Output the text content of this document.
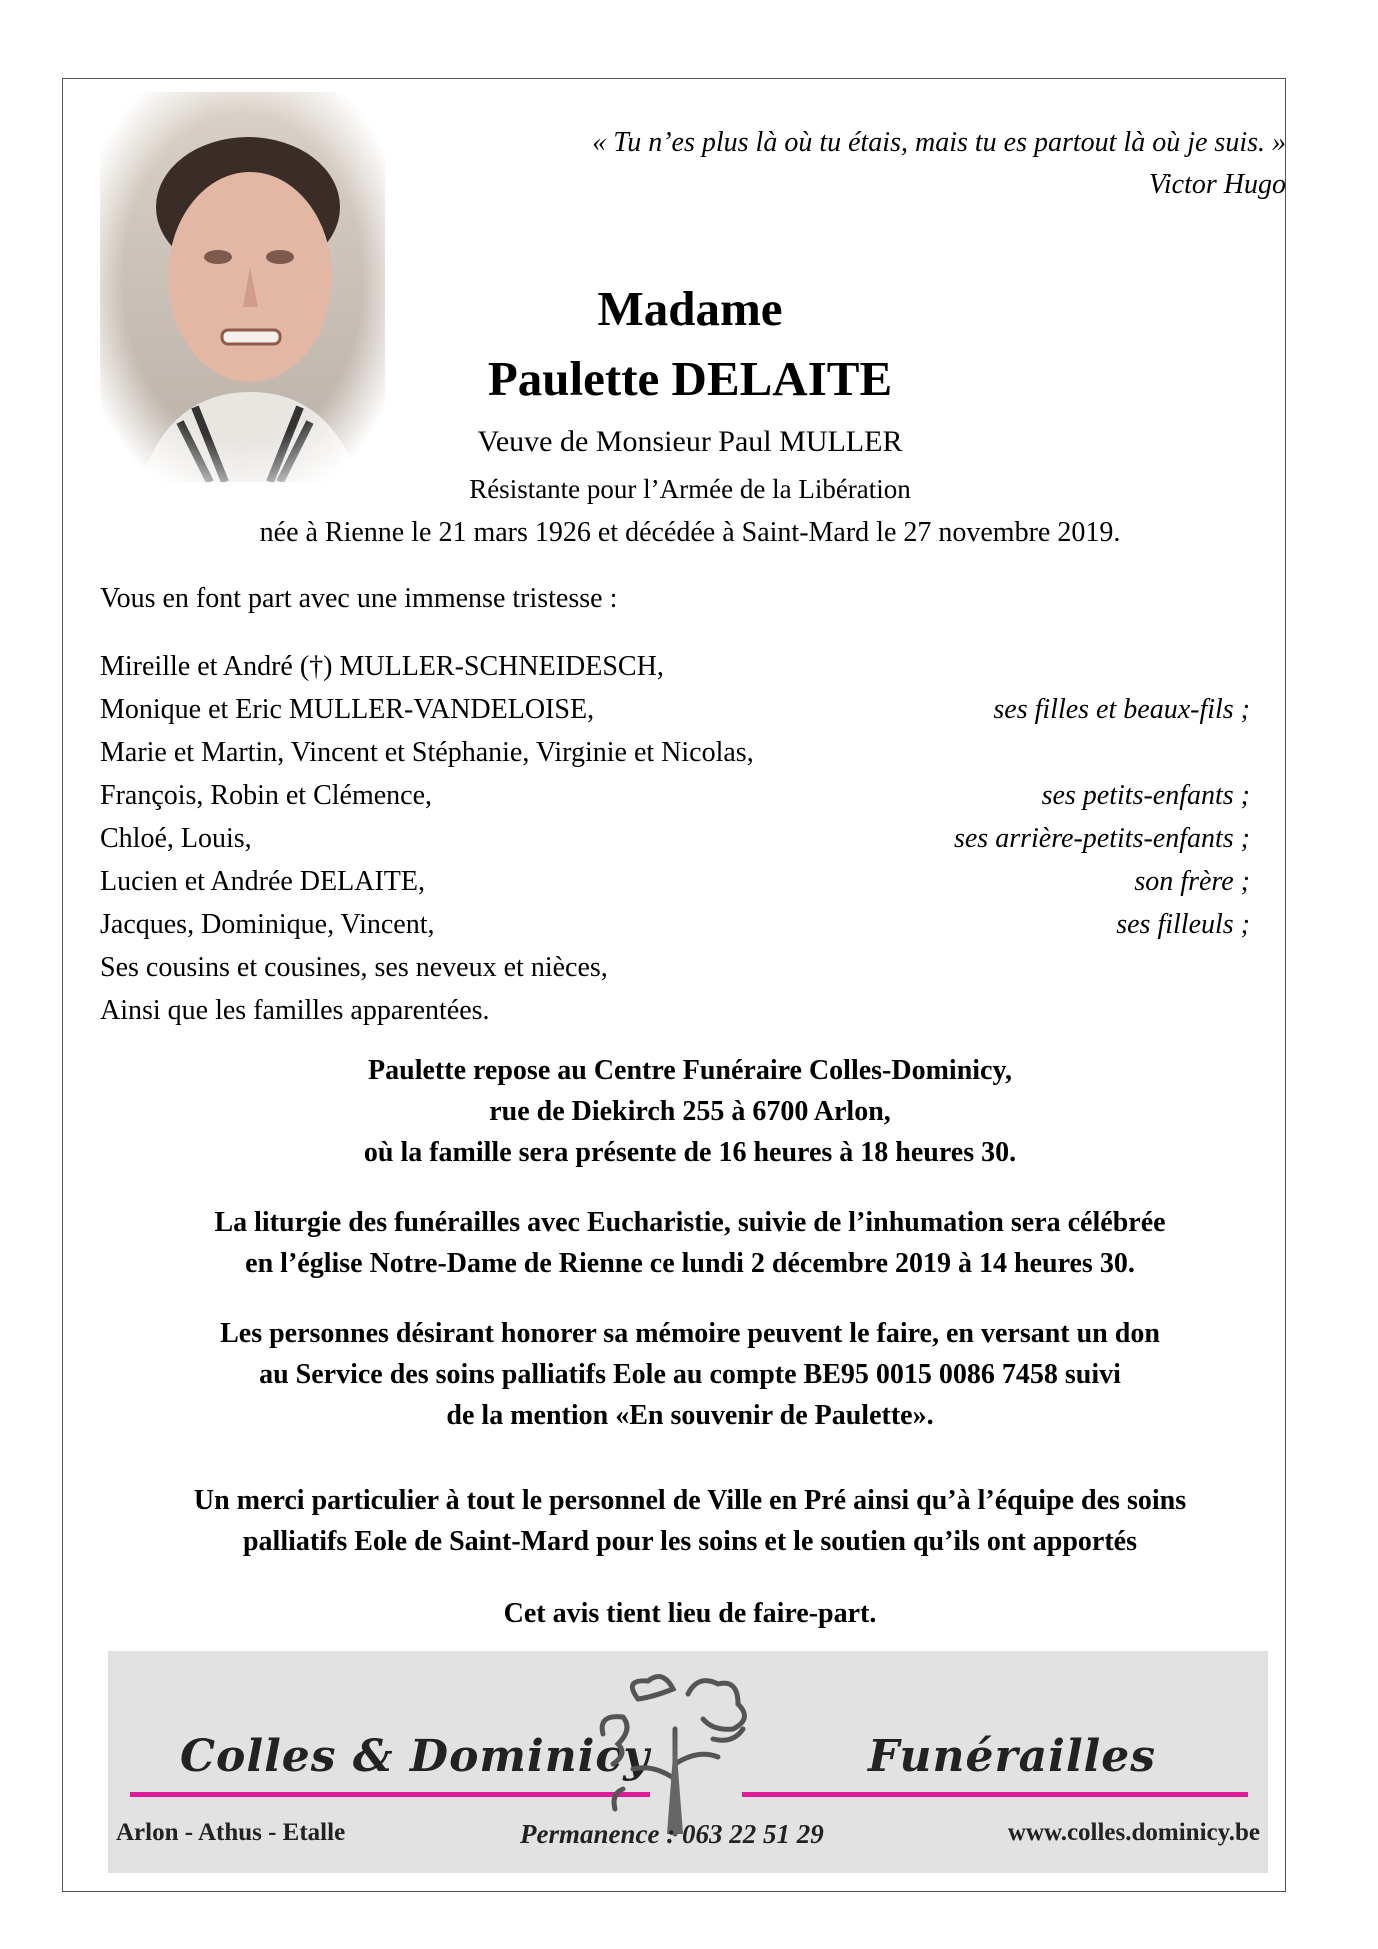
« Tu n’es plus là où tu étais, mais tu es partout là où je suis. »
Victor Hugo
Madame
Paulette DELAITE
Veuve de Monsieur Paul MULLER
Résistante pour l’Armée de la Libération
née à Rienne le 21 mars 1926 et décédée à Saint-Mard le 27 novembre 2019.
Vous en font part avec une immense tristesse :
Mireille et André (†) MULLER-SCHNEIDESCH,
Monique et Eric MULLER-VANDELOISE,	ses filles et beaux-fils ;
Marie et Martin, Vincent et Stéphanie, Virginie et Nicolas,
François, Robin et Clémence,	ses petits-enfants ;
Chloé, Louis,	ses arrière-petits-enfants ;
Lucien et Andrée DELAITE,	son frère ;
Jacques, Dominique, Vincent,	ses filleuls ;
Ses cousins et cousines, ses neveux et nièces,
Ainsi que les familles apparentées.
Paulette repose au Centre Funéraire Colles-Dominicy,
rue de Diekirch 255 à 6700 Arlon,
où la famille sera présente de 16 heures à 18 heures 30.
La liturgie des funérailles avec Eucharistie, suivie de l’inhumation sera célébrée
en l’église Notre-Dame de Rienne ce lundi 2 décembre 2019 à 14 heures 30.
Les personnes désirant honorer sa mémoire peuvent le faire, en versant un don
au Service des soins palliatifs Eole au compte BE95 0015 0086 7458 suivi
de la mention «En souvenir de Paulette».
Un merci particulier à tout le personnel de Ville en Pré ainsi qu’à l’équipe des soins
palliatifs Eole de Saint-Mard pour les soins et le soutien qu’ils ont apportés
Cet avis tient lieu de faire-part.
Colles & Dominicy	Funérailles
Arlon - Athus - Etalle	Permanence : 063 22 51 29	www.colles.dominicy.be
